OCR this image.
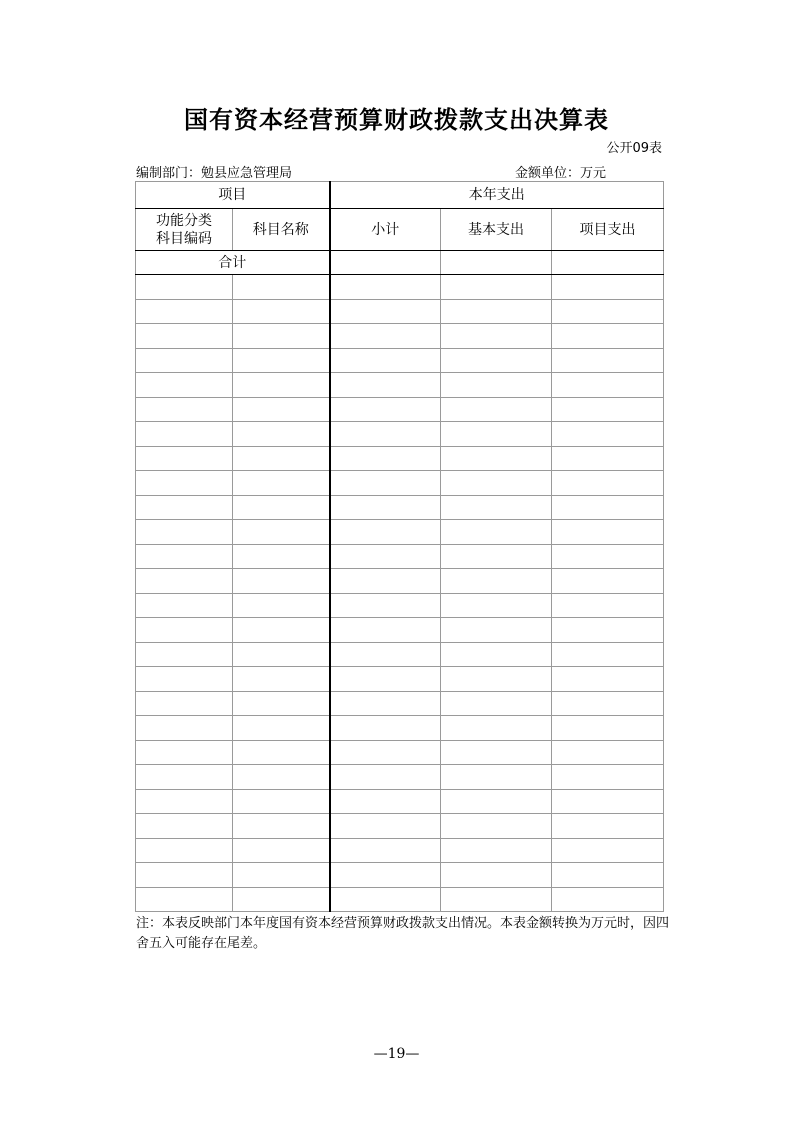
国有资本经营预算财政拨款支出决算表
公开09表
编制部门：勉县应急管理局	金额单位：万元
项目		本年支出		
功能分类科目编码	科目名称	小计	基本支出	项目支出
合计				

注：本表反映部门本年度国有资本经营预算财政拨款支出情况。本表金额转换为万元时，因四舍五入可能存在尾差。
—19—
